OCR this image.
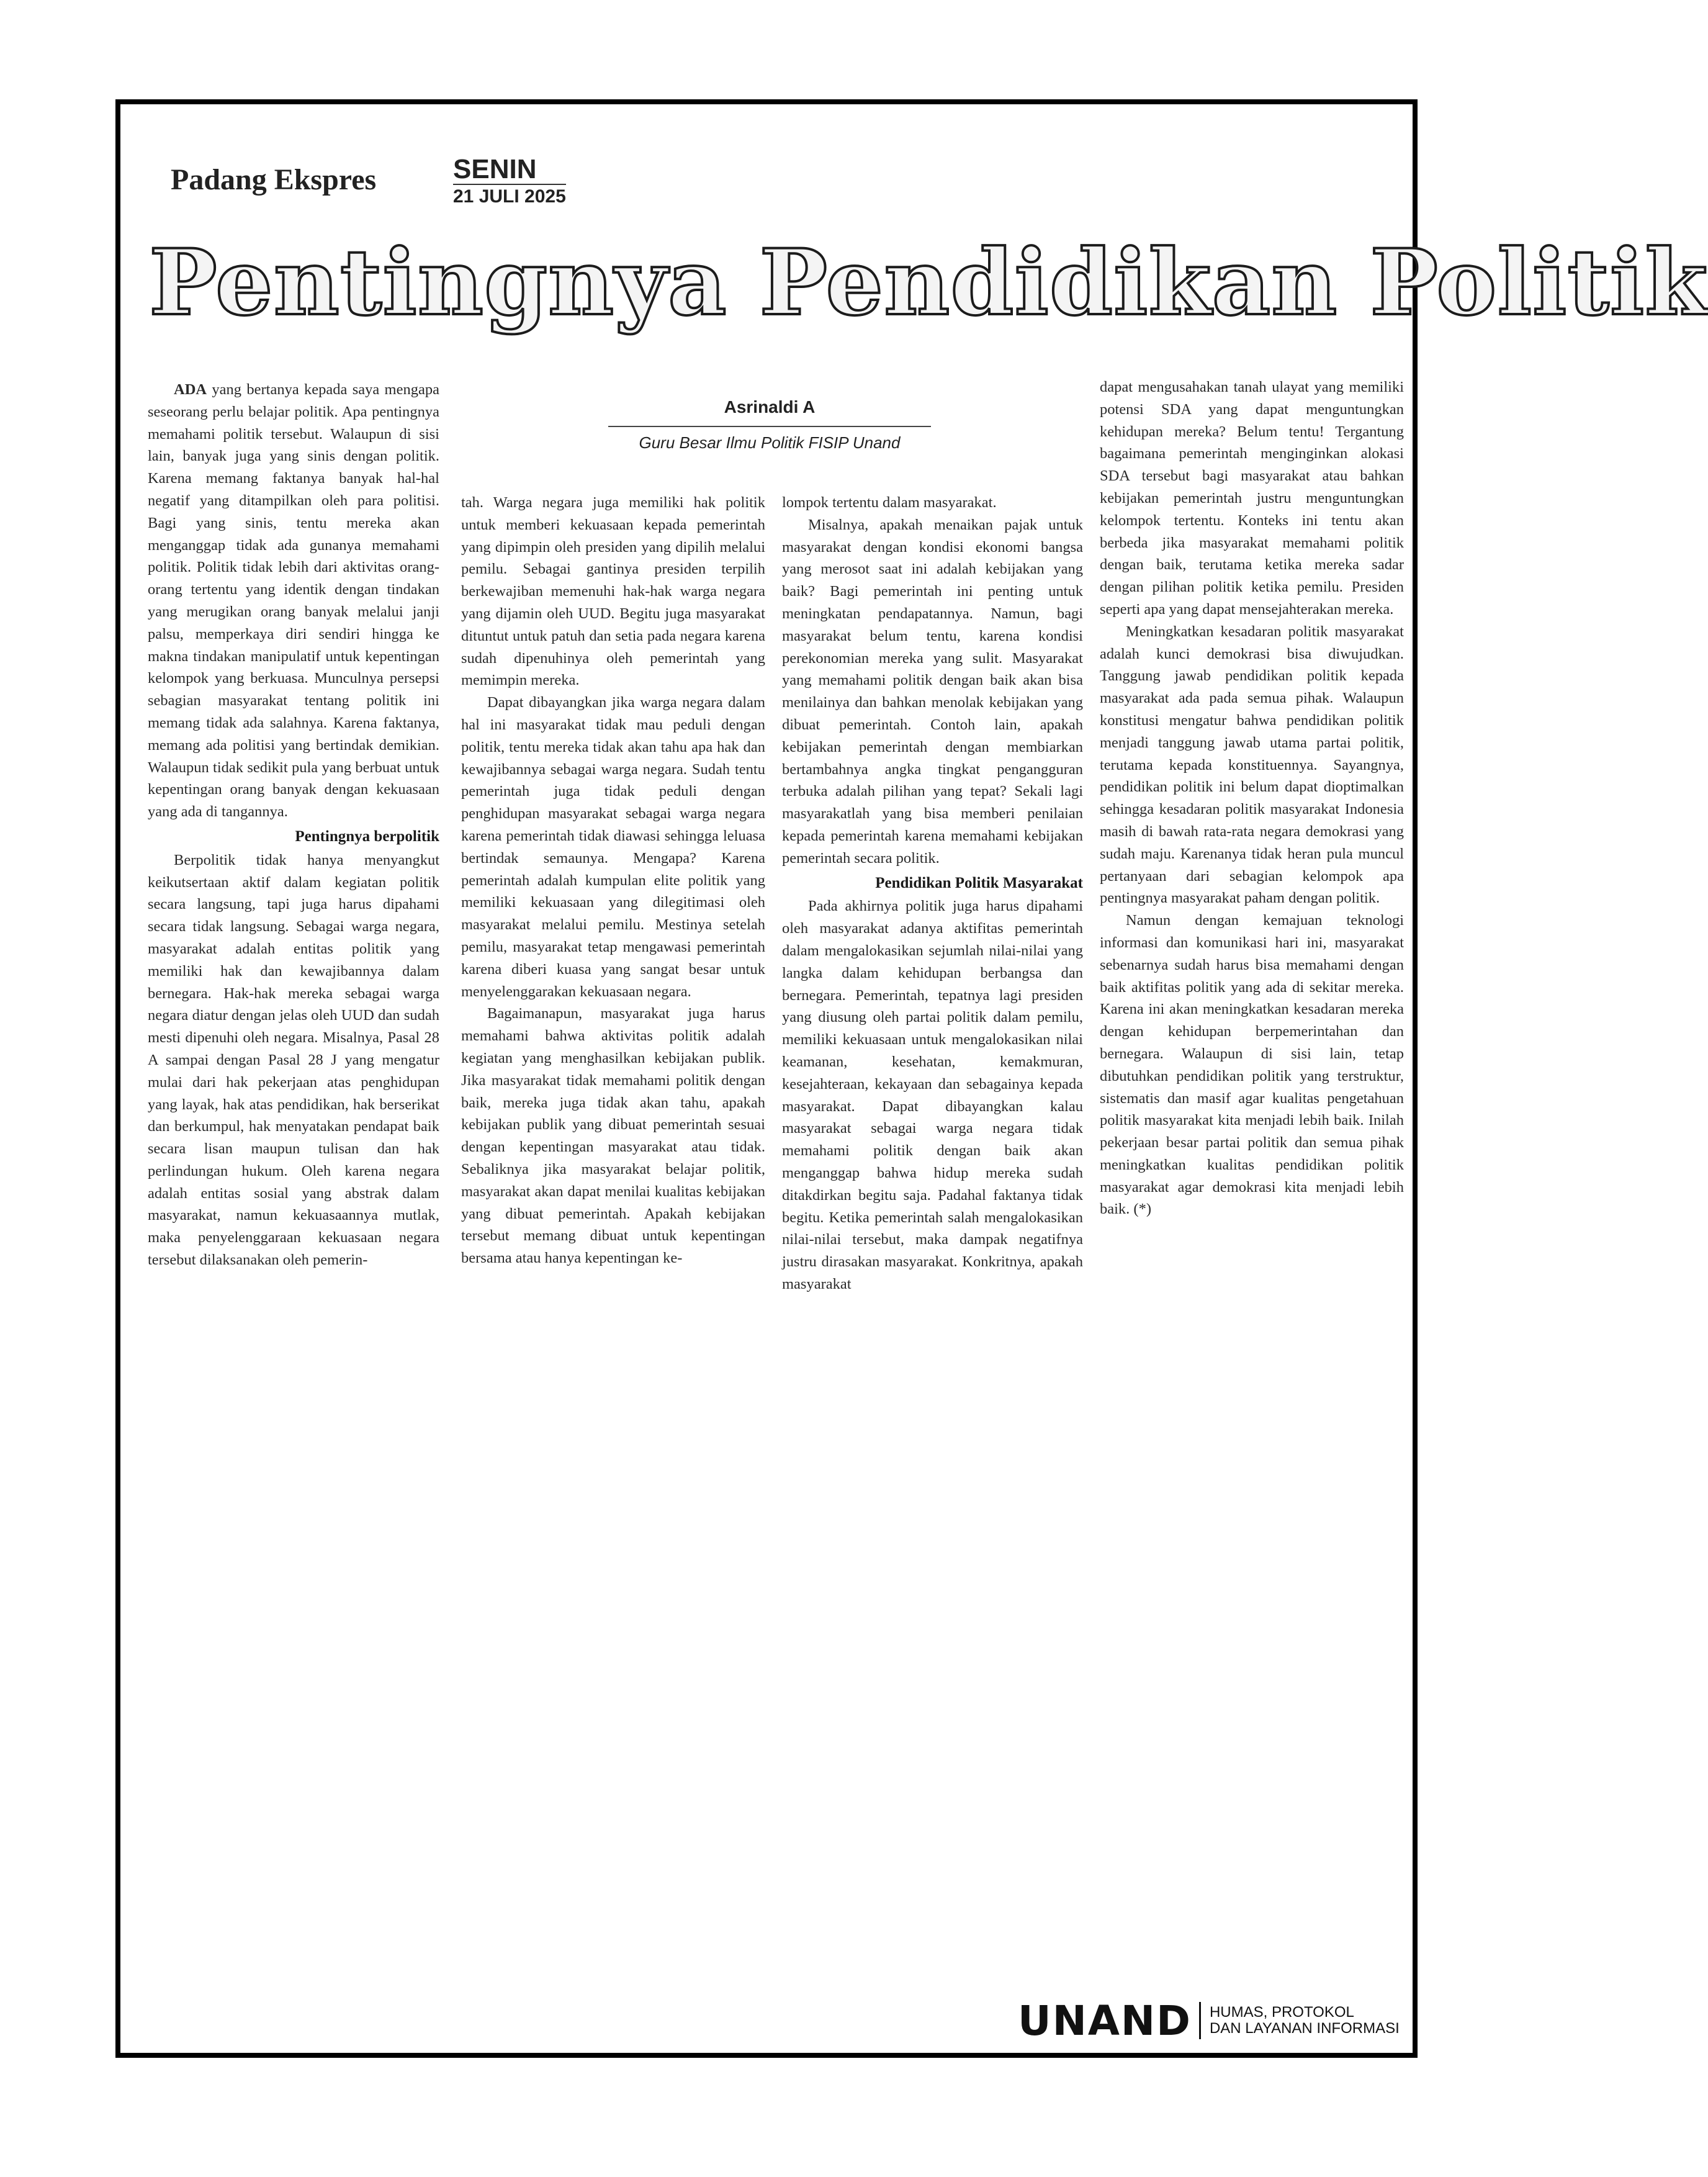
Padang Ekspres	SENIN
21 JULI 2025
Pentingnya Pendidikan Politik
Asrinaldi A
Guru Besar Ilmu Politik FISIP Unand

ADA yang bertanya kepada saya mengapa seseorang perlu belajar politik. Apa pentingnya memahami politik tersebut. Walaupun di sisi lain, banyak juga yang sinis dengan politik. Karena memang faktanya banyak hal-hal negatif yang ditampilkan oleh para politisi. Bagi yang sinis, tentu mereka akan menganggap tidak ada gunanya memahami politik. Politik tidak lebih dari aktivitas orang-orang tertentu yang identik dengan tindakan yang merugikan orang banyak melalui janji palsu, memperkaya diri sendiri hingga ke makna tindakan manipulatif untuk kepentingan kelompok yang berkuasa. Munculnya persepsi sebagian masyarakat tentang politik ini memang tidak ada salahnya. Karena faktanya, memang ada politisi yang bertindak demikian. Walaupun tidak sedikit pula yang berbuat untuk kepentingan orang banyak dengan kekuasaan yang ada di tangannya.

Pentingnya berpolitik

Berpolitik tidak hanya menyangkut keikutsertaan aktif dalam kegiatan politik secara langsung, tapi juga harus dipahami secara tidak langsung. Sebagai warga negara, masyarakat adalah entitas politik yang memiliki hak dan kewajibannya dalam bernegara. Hak-hak mereka sebagai warga negara diatur dengan jelas oleh UUD dan sudah mesti dipenuhi oleh negara. Misalnya, Pasal 28 A sampai dengan Pasal 28 J yang mengatur mulai dari hak pekerjaan atas penghidupan yang layak, hak atas pendidikan, hak berserikat dan berkumpul, hak menyatakan pendapat baik secara lisan maupun tulisan dan hak perlindungan hukum. Oleh karena negara adalah entitas sosial yang abstrak dalam masyarakat, namun kekuasaannya mutlak, maka penyelenggaraan kekuasaan negara tersebut dilaksanakan oleh pemerin-

tah. Warga negara juga memiliki hak politik untuk memberi kekuasaan kepada pemerintah yang dipimpin oleh presiden yang dipilih melalui pemilu. Sebagai gantinya presiden terpilih berkewajiban memenuhi hak-hak warga negara yang dijamin oleh UUD. Begitu juga masyarakat dituntut untuk patuh dan setia pada negara karena sudah dipenuhinya oleh pemerintah yang memimpin mereka.

Dapat dibayangkan jika warga negara dalam hal ini masyarakat tidak mau peduli dengan politik, tentu mereka tidak akan tahu apa hak dan kewajibannya sebagai warga negara. Sudah tentu pemerintah juga tidak peduli dengan penghidupan masyarakat sebagai warga negara karena pemerintah tidak diawasi sehingga leluasa bertindak semaunya. Mengapa? Karena pemerintah adalah kumpulan elite politik yang memiliki kekuasaan yang dilegitimasi oleh masyarakat melalui pemilu. Mestinya setelah pemilu, masyarakat tetap mengawasi pemerintah karena diberi kuasa yang sangat besar untuk menyelenggarakan kekuasaan negara.

Bagaimanapun, masyarakat juga harus memahami bahwa aktivitas politik adalah kegiatan yang menghasilkan kebijakan publik. Jika masyarakat tidak memahami politik dengan baik, mereka juga tidak akan tahu, apakah kebijakan publik yang dibuat pemerintah sesuai dengan kepentingan masyarakat atau tidak. Sebaliknya jika masyarakat belajar politik, masyarakat akan dapat menilai kualitas kebijakan yang dibuat pemerintah. Apakah kebijakan tersebut memang dibuat untuk kepentingan bersama atau hanya kepentingan ke-

lompok tertentu dalam masyarakat.

Misalnya, apakah menaikan pajak untuk masyarakat dengan kondisi ekonomi bangsa yang merosot saat ini adalah kebijakan yang baik? Bagi pemerintah ini penting untuk meningkatan pendapatannya. Namun, bagi masyarakat belum tentu, karena kondisi perekonomian mereka yang sulit. Masyarakat yang memahami politik dengan baik akan bisa menilainya dan bahkan menolak kebijakan yang dibuat pemerintah. Contoh lain, apakah kebijakan pemerintah dengan membiarkan bertambahnya angka tingkat pengangguran terbuka adalah pilihan yang tepat? Sekali lagi masyarakatlah yang bisa memberi penilaian kepada pemerintah karena memahami kebijakan pemerintah secara politik.

Pendidikan Politik Masyarakat

Pada akhirnya politik juga harus dipahami oleh masyarakat adanya aktifitas pemerintah dalam mengalokasikan sejumlah nilai-nilai yang langka dalam kehidupan berbangsa dan bernegara. Pemerintah, tepatnya lagi presiden yang diusung oleh partai politik dalam pemilu, memiliki kekuasaan untuk mengalokasikan nilai keamanan, kesehatan, kemakmuran, kesejahteraan, kekayaan dan sebagainya kepada masyarakat. Dapat dibayangkan kalau masyarakat sebagai warga negara tidak memahami politik dengan baik akan menganggap bahwa hidup mereka sudah ditakdirkan begitu saja. Padahal faktanya tidak begitu. Ketika pemerintah salah mengalokasikan nilai-nilai tersebut, maka dampak negatifnya justru dirasakan masyarakat. Konkritnya, apakah masyarakat

dapat mengusahakan tanah ulayat yang memiliki potensi SDA yang dapat menguntungkan kehidupan mereka? Belum tentu! Tergantung bagaimana pemerintah menginginkan alokasi SDA tersebut bagi masyarakat atau bahkan kebijakan pemerintah justru menguntungkan kelompok tertentu. Konteks ini tentu akan berbeda jika masyarakat memahami politik dengan baik, terutama ketika mereka sadar dengan pilihan politik ketika pemilu. Presiden seperti apa yang dapat mensejahterakan mereka.

Meningkatkan kesadaran politik masyarakat adalah kunci demokrasi bisa diwujudkan. Tanggung jawab pendidikan politik kepada masyarakat ada pada semua pihak. Walaupun konstitusi mengatur bahwa pendidikan politik menjadi tanggung jawab utama partai politik, terutama kepada konstituennya. Sayangnya, pendidikan politik ini belum dapat dioptimalkan sehingga kesadaran politik masyarakat Indonesia masih di bawah rata-rata negara demokrasi yang sudah maju. Karenanya tidak heran pula muncul pertanyaan dari sebagian kelompok apa pentingnya masyarakat paham dengan politik.

Namun dengan kemajuan teknologi informasi dan komunikasi hari ini, masyarakat sebenarnya sudah harus bisa memahami dengan baik aktifitas politik yang ada di sekitar mereka. Karena ini akan meningkatkan kesadaran mereka dengan kehidupan berpemerintahan dan bernegara. Walaupun di sisi lain, tetap dibutuhkan pendidikan politik yang terstruktur, sistematis dan masif agar kualitas pengetahuan politik masyarakat kita menjadi lebih baik. Inilah pekerjaan besar partai politik dan semua pihak meningkatkan kualitas pendidikan politik masyarakat agar demokrasi kita menjadi lebih baik. (*)

UNAND HUMAS, PROTOKOL
DAN LAYANAN INFORMASI
